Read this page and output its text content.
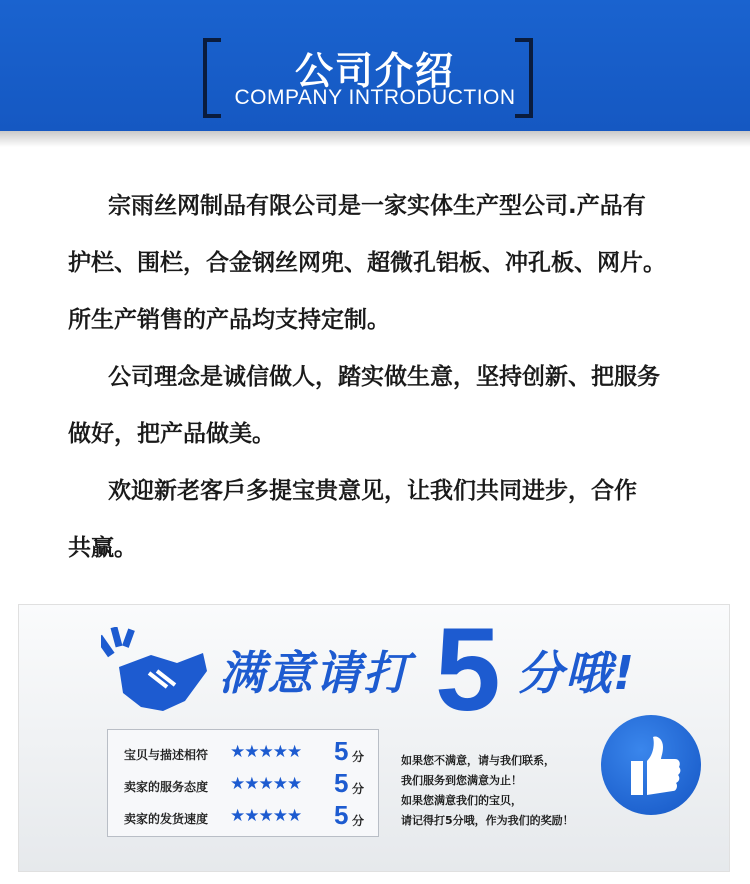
公司介绍
COMPANY INTRODUCTION

宗雨丝网制品有限公司是一家实体生产型公司.产品有

护栏、围栏，合金钢丝网兜、超微孔铝板、冲孔板、网片。

所生产销售的产品均支持定制。

公司理念是诚信做人，踏实做生意，坚持创新、把服务

做好，把产品做美。

欢迎新老客戶多提宝贵意见，让我们共同进步，合作

共赢。

满意请打 5 分哦!
宝贝与描述相符 ★★★★★ 5 分
卖家的服务态度 ★★★★★ 5 分
卖家的发货速度 ★★★★★ 5 分
如果您不满意，请与我们联系，
我们服务到您满意为止！
如果您满意我们的宝贝，
请记得打5分哦，作为我们的奖励！
